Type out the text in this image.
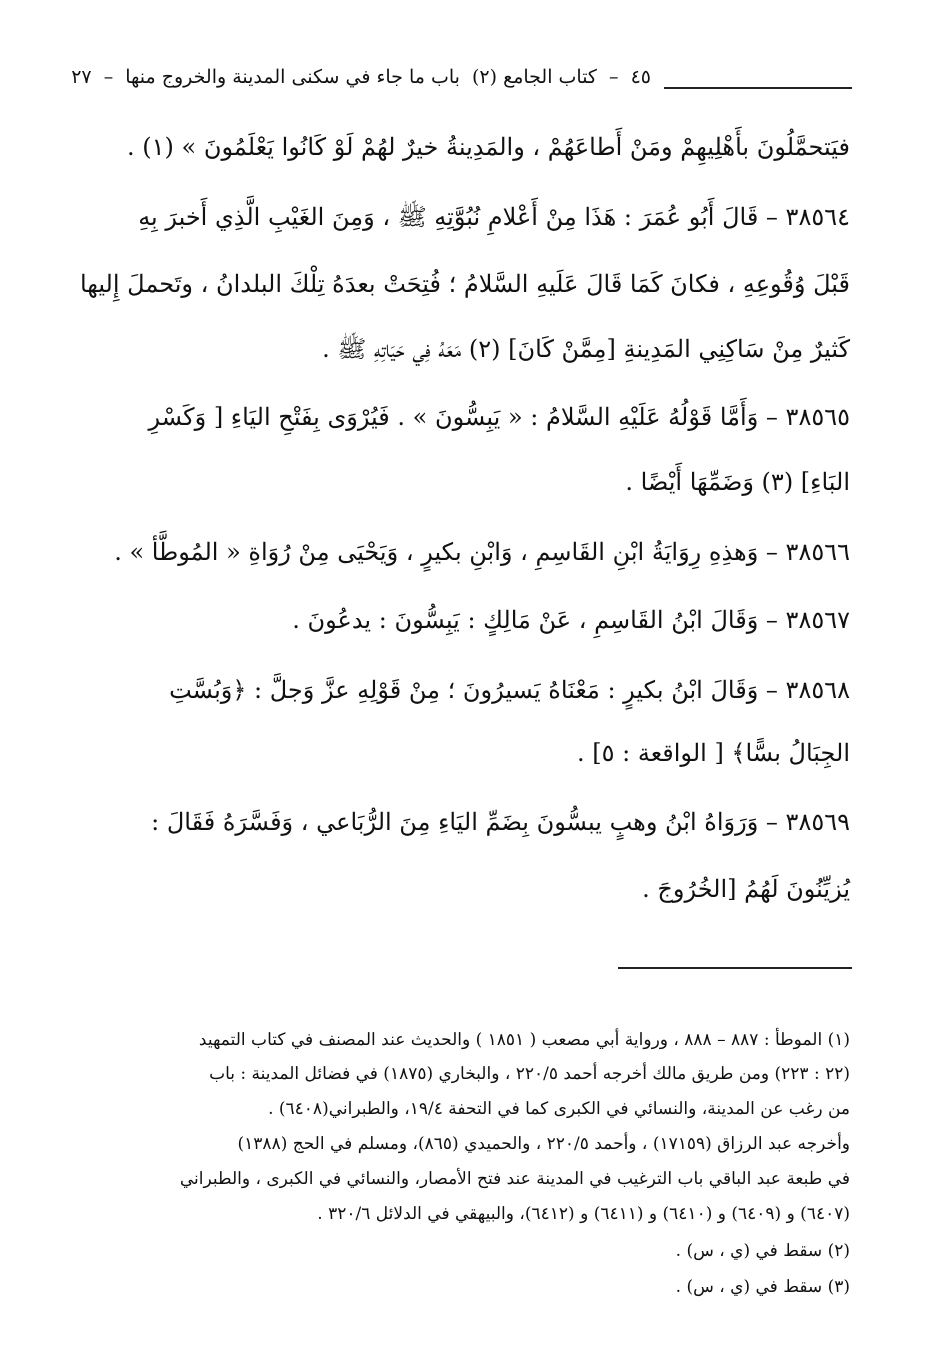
٤٥ – كتاب الجامع (٢) باب ما جاء في سكنى المدينة والخروج منها – ٢٧
فيَتحمَّلُونَ بأَهْلِيهِمْ ومَنْ أَطاعَهُمْ ، والمَدِينةُ خيرٌ لهُمْ لَوْ كَانُوا يَعْلَمُونَ » (١) .
٣٨٥٦٤ – قَالَ أَبُو عُمَرَ : هَذَا مِنْ أَعْلامِ نُبُوَّتِهِ ﷺ ، وَمِنَ الغَيْبِ الَّذِي أَخبرَ بِهِ
قَبْلَ وُقُوعِهِ ، فكانَ كَمَا قَالَ عَلَيهِ السَّلامُ ؛ فُتِحَتْ بعدَهُ تِلْكَ البلدانُ ، وتَحملَ إِليها
كَثيرٌ مِنْ سَاكِنِي المَدِينةِ [مِمَّنْ كَانَ] (٢) مَعَهُ فِي حَيَاتِهِ ﷺ .
٣٨٥٦٥ – وَأَمَّا قَوْلُهُ عَلَيْهِ السَّلامُ : « يَبِسُّونَ » . فَيُرْوَى بِفَتْحِ اليَاءِ [ وَكَسْرِ
البَاءِ] (٣) وَضَمِّهَا أَيْضًا .
٣٨٥٦٦ – وَهذِهِ رِوَايَةُ ابْنِ القَاسِمِ ، وَابْنِ بكيرٍ ، وَيَحْيَى مِنْ رُوَاةِ « المُوطَّأ » .
٣٨٥٦٧ – وَقَالَ ابْنُ القَاسِمِ ، عَنْ مَالِكٍ : يَبِسُّونَ : يدعُونَ .
٣٨٥٦٨ – وَقَالَ ابْنُ بكيرٍ : مَعْنَاهُ يَسيرُونَ ؛ مِنْ قَوْلِهِ عزَّ وَجلَّ : ﴿وَبُسَّتِ
الجِبَالُ بسًّا﴾ [ الواقعة : ٥] .
٣٨٥٦٩ – وَرَوَاهُ ابْنُ وهبٍ يبسُّونَ بِضَمِّ اليَاءِ مِنَ الرُّبَاعي ، وَفَسَّرَهُ فَقَالَ :
يُزيِّنُونَ لَهُمُ [الخُرُوجَ .
(١) الموطأ : ٨٨٧ – ٨٨٨ ، ورواية أبي مصعب ( ١٨٥١ ) والحديث عند المصنف في كتاب التمهيد
(٢٢ : ٢٢٣) ومن طريق مالك أخرجه أحمد ٢٢٠/٥ ، والبخاري (١٨٧٥) في فضائل المدينة : باب
من رغب عن المدينة، والنسائي في الكبرى كما في التحفة ١٩/٤، والطبراني(٦٤٠٨) .
وأخرجه عبد الرزاق (١٧١٥٩) ، وأحمد ٢٢٠/٥ ، والحميدي (٨٦٥)، ومسلم في الحج (١٣٨٨)
في طبعة عبد الباقي باب الترغيب في المدينة عند فتح الأمصار، والنسائي في الكبرى ، والطبراني
(٦٤٠٧) و (٦٤٠٩) و (٦٤١٠) و (٦٤١١) و (٦٤١٢)، والبيهقي في الدلائل ٣٢٠/٦ .
(٢) سقط في (ي ، س) .
(٣) سقط في (ي ، س) .
